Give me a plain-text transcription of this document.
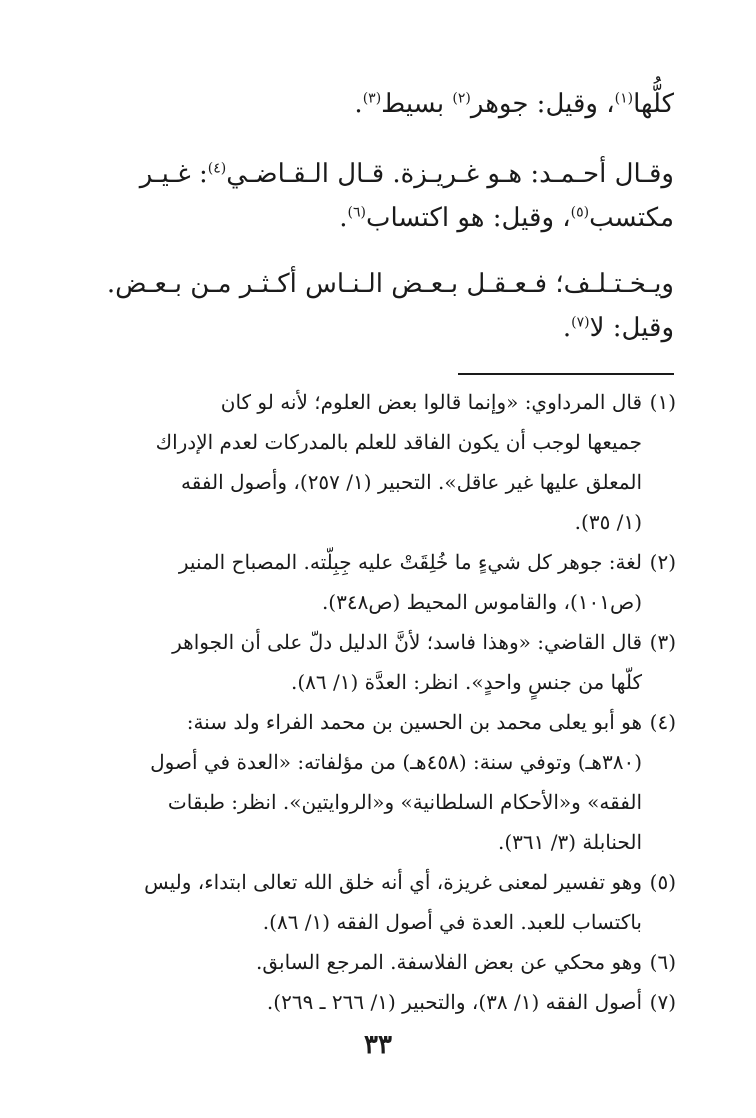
كلُّها$^{(١)}$، وقيل: جوهر$^{(٢)}$ بسيط$^{(٣)}$.

وقـال أحـمـد: هـو غـريـزة. قـال الـقـاضـي$^{(٤)}$: غـيـر

مكتسب$^{(٥)}$، وقيل: هو اكتساب$^{(٦)}$.

ويـخـتـلـف؛ فـعـقـل بـعـض الـنـاس أكـثـر مـن بـعـض.

وقيل: لا$^{(٧)}$.

(١)
قال المرداوي: «وإنما قالوا بعض العلوم؛ لأنه لو كان
جميعها لوجب أن يكون الفاقد للعلم بالمدركات لعدم الإدراك
المعلق عليها غير عاقل». التحبير (١/ ٢٥٧)، وأصول الفقه
(١/ ٣٥).
(٢)
لغة: جوهر كل شيءٍ ما خُلِقَتْ عليه جِبِلّته. المصباح المنير
(ص١٠١)، والقاموس المحيط (ص٣٤٨).
(٣)
قال القاضي: «وهذا فاسد؛ لأنَّ الدليل دلّ على أن الجواهر
كلّها من جنسٍ واحدٍ». انظر: العدَّة (١/ ٨٦).
(٤)
هو أبو يعلى محمد بن الحسين بن محمد الفراء ولد سنة:
(٣٨٠هـ) وتوفي سنة: (٤٥٨هـ) من مؤلفاته: «العدة في أصول
الفقه» و«الأحكام السلطانية» و«الروايتين». انظر: طبقات
الحنابلة (٣/ ٣٦١).
(٥)
وهو تفسير لمعنى غريزة، أي أنه خلق الله تعالى ابتداء، وليس
باكتساب للعبد. العدة في أصول الفقه (١/ ٨٦).
(٦)
وهو محكي عن بعض الفلاسفة. المرجع السابق.
(٧)
أصول الفقه (١/ ٣٨)، والتحبير (١/ ٢٦٦ ـ ٢٦٩).
٣٣
